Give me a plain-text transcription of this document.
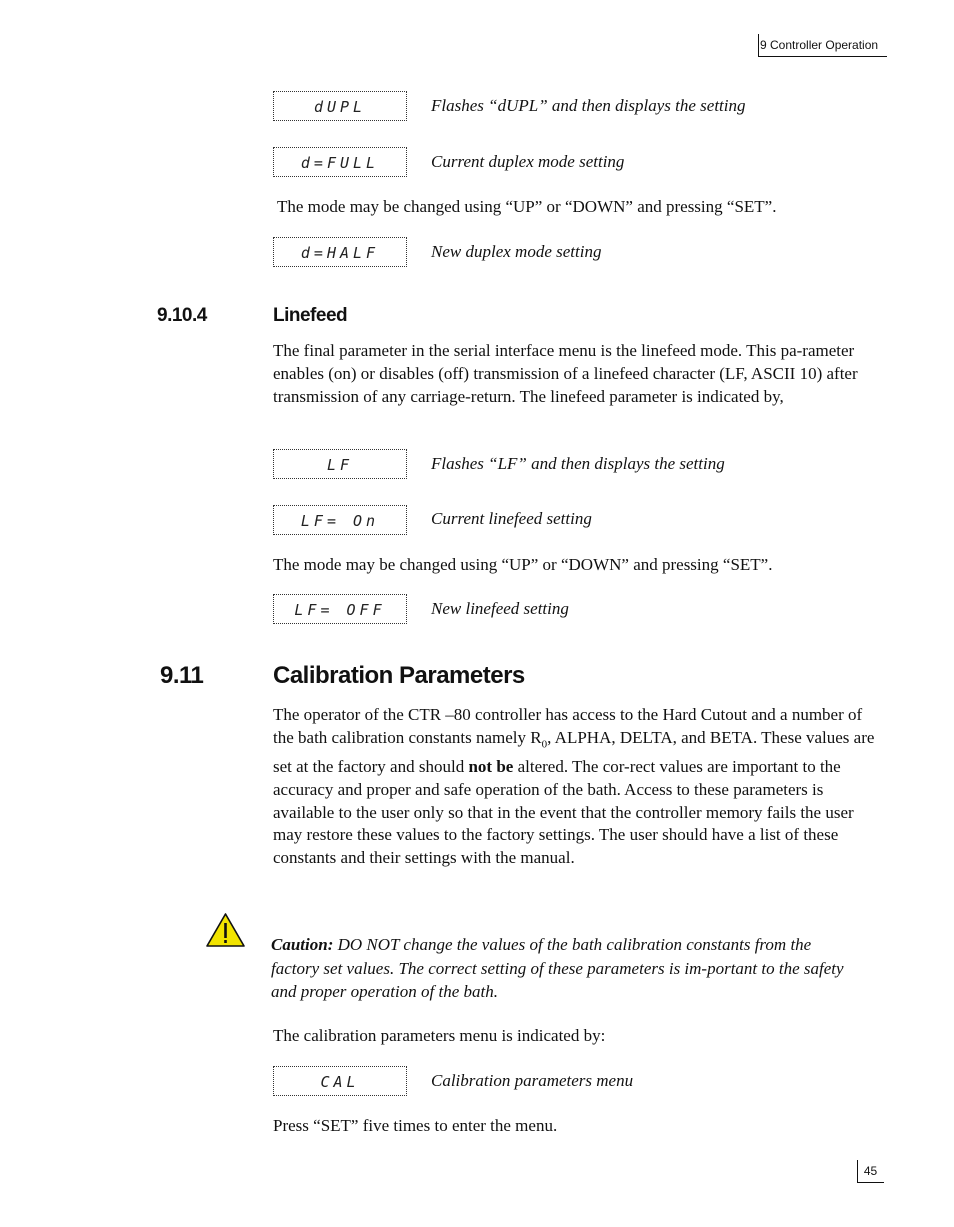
9 Controller Operation
dUPL	Flashes “dUPL” and then displays the setting
d=FULL	Current duplex mode setting
The mode may be changed using “UP” or “DOWN” and pressing “SET”.
d=HALF	New duplex mode setting
9.10.4	Linefeed
The final parameter in the serial interface menu is the linefeed mode. This pa-rameter enables (on) or disables (off) transmission of a linefeed character (LF, ASCII 10) after transmission of any carriage-return. The linefeed parameter is indicated by,
LF	Flashes “LF” and then displays the setting
LF= On	Current linefeed setting
The mode may be changed using “UP” or “DOWN” and pressing “SET”.
LF= OFF	New linefeed setting
9.11	Calibration Parameters
The operator of the CTR –80 controller has access to the Hard Cutout and a number of the bath calibration constants namely $R_0$, ALPHA, DELTA, and BETA. These values are set at the factory and should not be altered. The cor-rect values are important to the accuracy and proper and safe operation of the bath. Access to these parameters is available to the user only so that in the event that the controller memory fails the user may restore these values to the factory settings. The user should have a list of these constants and their settings with the manual.
Caution: DO NOT change the values of the bath calibration constants from the factory set values. The correct setting of these parameters is im-portant to the safety and proper operation of the bath.
The calibration parameters menu is indicated by:
CAL	Calibration parameters menu
Press “SET” five times to enter the menu.
45
